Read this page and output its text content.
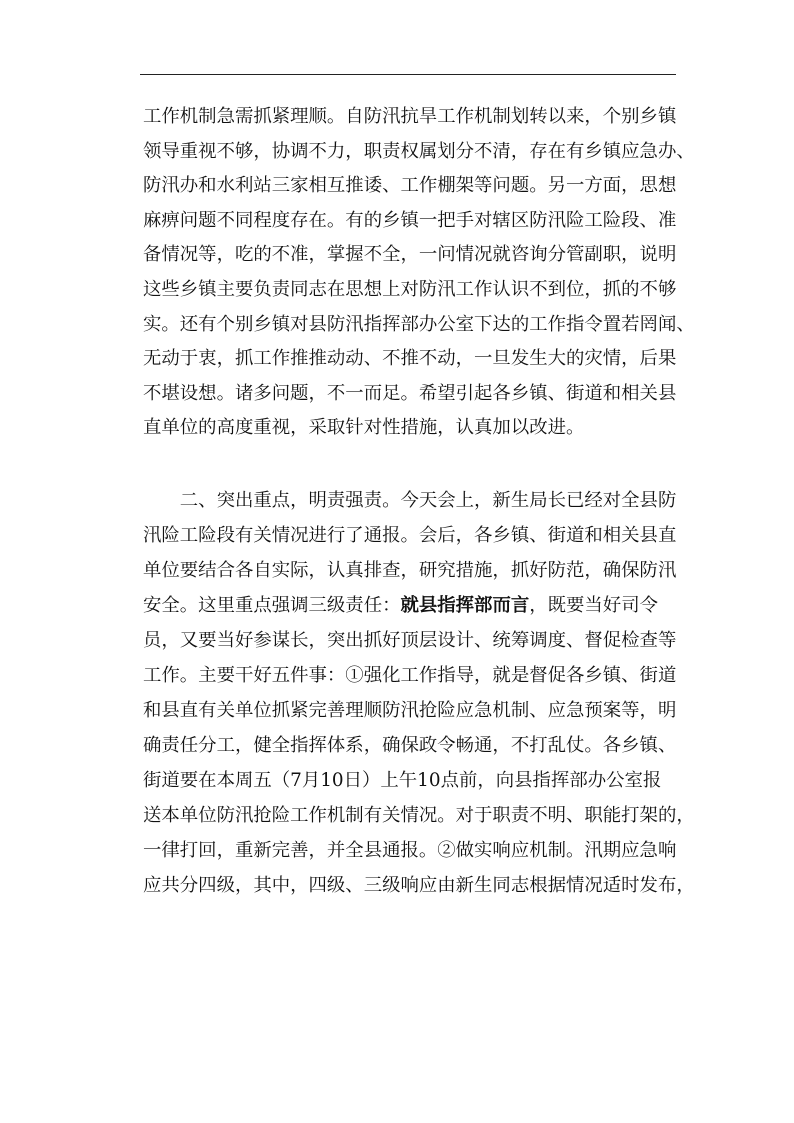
工作机制急需抓紧理顺。自防汛抗旱工作机制划转以来，个别乡镇
领导重视不够，协调不力，职责权属划分不清，存在有乡镇应急办、
防汛办和水利站三家相互推诿、工作棚架等问题。另一方面，思想
麻痹问题不同程度存在。有的乡镇一把手对辖区防汛险工险段、准
备情况等，吃的不准，掌握不全，一问情况就咨询分管副职，说明
这些乡镇主要负责同志在思想上对防汛工作认识不到位，抓的不够
实。还有个别乡镇对县防汛指挥部办公室下达的工作指令置若罔闻、
无动于衷，抓工作推推动动、不推不动，一旦发生大的灾情，后果
不堪设想。诸多问题，不一而足。希望引起各乡镇、街道和相关县
直单位的高度重视，采取针对性措施，认真加以改进。
　　二、突出重点，明责强责。今天会上，新生局长已经对全县防
汛险工险段有关情况进行了通报。会后，各乡镇、街道和相关县直
单位要结合各自实际，认真排查，研究措施，抓好防范，确保防汛
安全。这里重点强调三级责任：就县指挥部而言，既要当好司令
员，又要当好参谋长，突出抓好顶层设计、统筹调度、督促检查等
工作。主要干好五件事：①强化工作指导，就是督促各乡镇、街道
和县直有关单位抓紧完善理顺防汛抢险应急机制、应急预案等，明
确责任分工，健全指挥体系，确保政令畅通，不打乱仗。各乡镇、
街道要在本周五（7月10日）上午10点前，向县指挥部办公室报
送本单位防汛抢险工作机制有关情况。对于职责不明、职能打架的，
一律打回，重新完善，并全县通报。②做实响应机制。汛期应急响
应共分四级，其中，四级、三级响应由新生同志根据情况适时发布，
